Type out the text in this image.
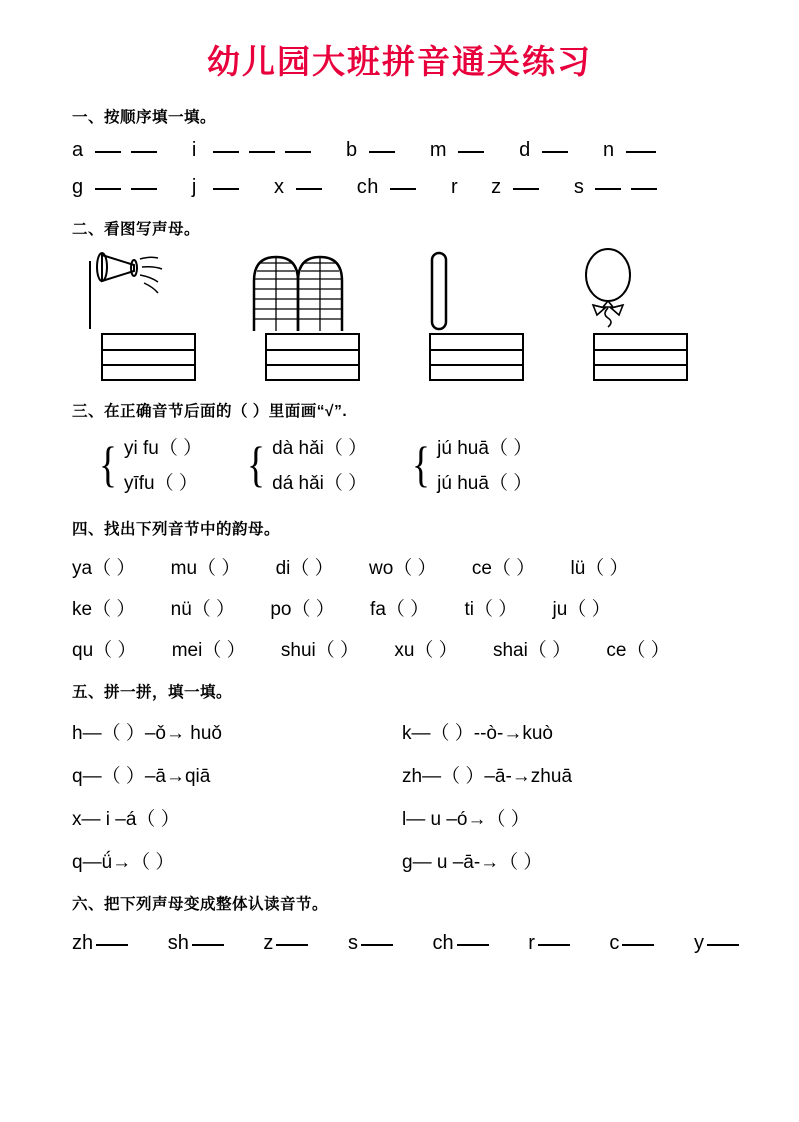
幼儿园大班拼音通关练习
一、按顺序填一填。
a	i	b	m	d	n
g	j	x	ch	r z	s
二、看图写声母。
三、在正确音节后面的（ ）里面画“√”.
{ yi fu（ ）
yīfu（ ） { dà hǎi（ ）
dá hǎi（ ） { jú huā（ ）
jú huā（ ）
四、找出下列音节中的韵母。
ya（ ） mu（ ） di（ ） wo（ ） ce（ ） lü（ ）
ke（ ） nü（ ） po（ ） fa（ ） ti（ ） ju（ ）
qu（ ） mei（ ） shui（ ） xu（ ） shai（ ） ce（ ）
五、拼一拼，填一填。
h—（ ）–ǒ→ huǒ	k—（ ）--ò-→kuò
q—（ ）–ā→qiā	zh—（ ）–ā-→zhuā
x— i –á（ ）	l— u –ó→（ ）
q—ǘ→（ ）	g— u –ā-→（ ）
六、把下列声母变成整体认读音节。
zh	sh	z	s	ch	r	c	y
